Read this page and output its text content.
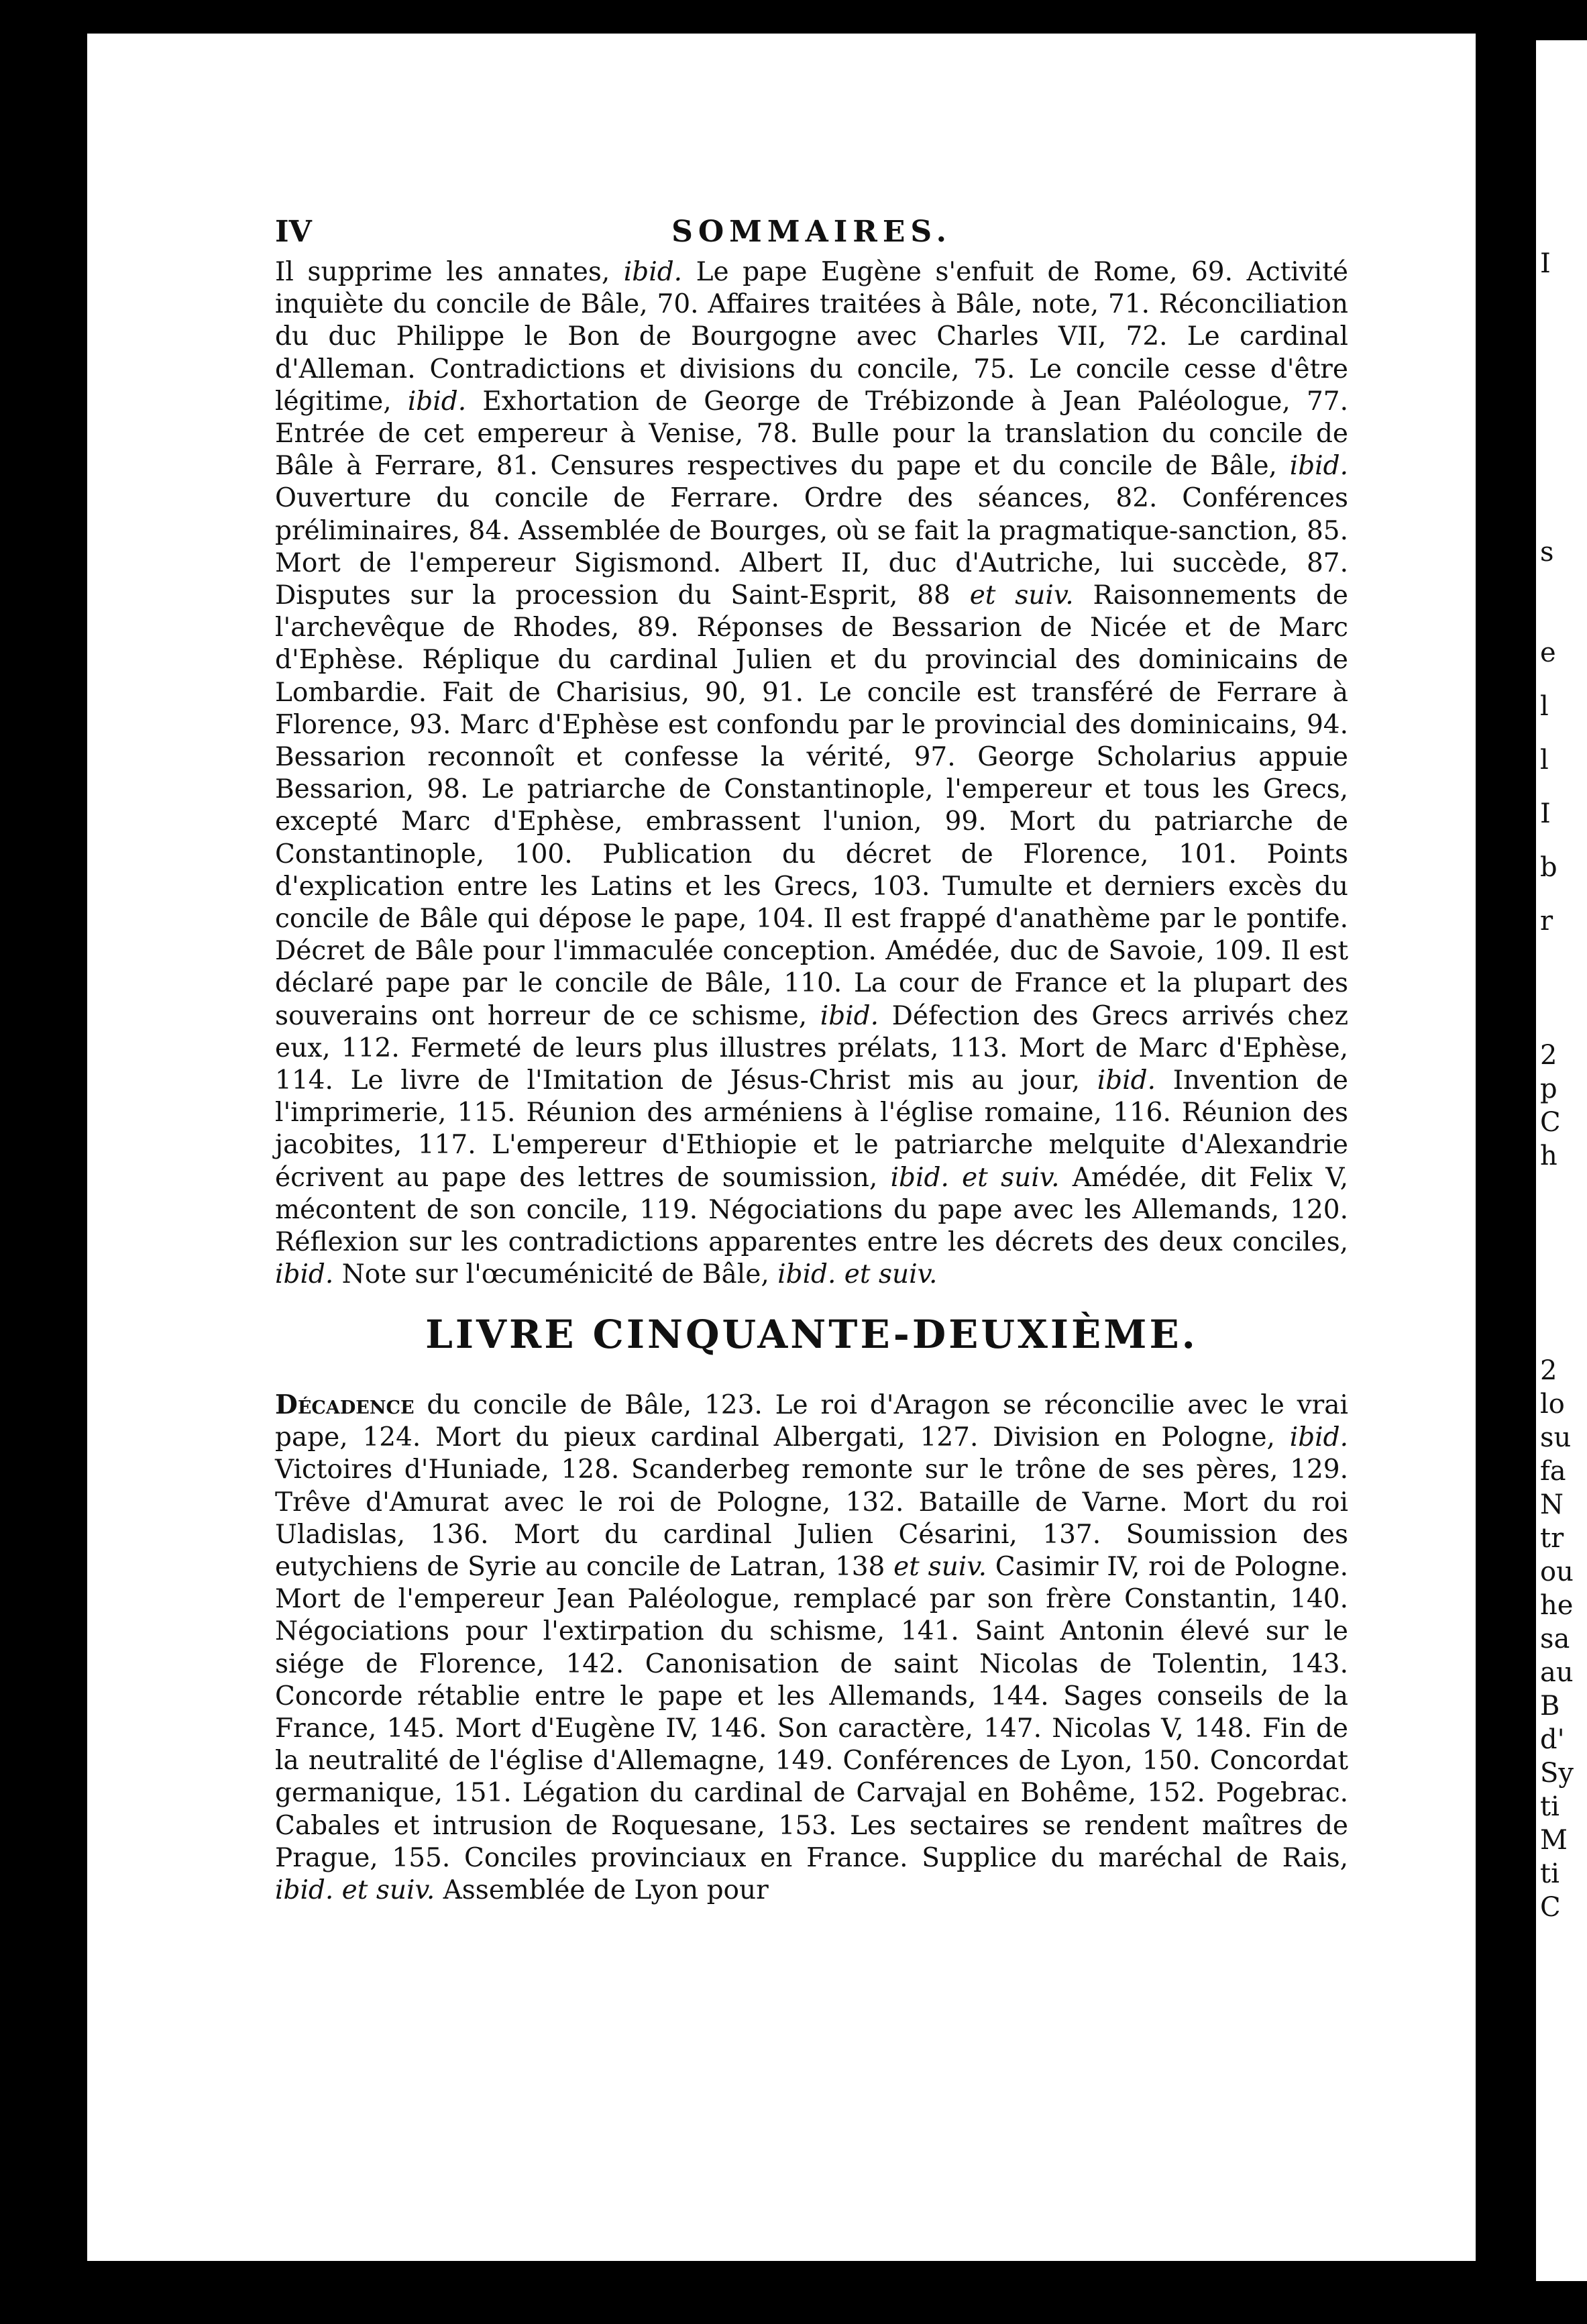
IV	SOMMAIRES.
Il supprime les annates, ibid. Le pape Eugène s'enfuit de Rome, 69. Activité inquiète du concile de Bâle, 70. Affaires traitées à Bâle, note, 71. Réconciliation du duc Philippe le Bon de Bourgogne avec Charles VII, 72. Le cardinal d'Alleman. Contradictions et divisions du concile, 75. Le concile cesse d'être légitime, ibid. Exhortation de George de Trébizonde à Jean Paléologue, 77. Entrée de cet empereur à Venise, 78. Bulle pour la translation du concile de Bâle à Ferrare, 81. Censures respectives du pape et du concile de Bâle, ibid. Ouverture du concile de Ferrare. Ordre des séances, 82. Conférences préliminaires, 84. Assemblée de Bourges, où se fait la pragmatique-sanction, 85. Mort de l'empereur Sigismond. Albert II, duc d'Autriche, lui succède, 87. Disputes sur la procession du Saint-Esprit, 88 et suiv. Raisonnements de l'archevêque de Rhodes, 89. Réponses de Bessarion de Nicée et de Marc d'Ephèse. Réplique du cardinal Julien et du provincial des dominicains de Lombardie. Fait de Charisius, 90, 91. Le concile est transféré de Ferrare à Florence, 93. Marc d'Ephèse est confondu par le provincial des dominicains, 94. Bessarion reconnoît et confesse la vérité, 97. George Scholarius appuie Bessarion, 98. Le patriarche de Constantinople, l'empereur et tous les Grecs, excepté Marc d'Ephèse, embrassent l'union, 99. Mort du patriarche de Constantinople, 100. Publication du décret de Florence, 101. Points d'explication entre les Latins et les Grecs, 103. Tumulte et derniers excès du concile de Bâle qui dépose le pape, 104. Il est frappé d'anathème par le pontife. Décret de Bâle pour l'immaculée conception. Amédée, duc de Savoie, 109. Il est déclaré pape par le concile de Bâle, 110. La cour de France et la plupart des souverains ont horreur de ce schisme, ibid. Défection des Grecs arrivés chez eux, 112. Fermeté de leurs plus illustres prélats, 113. Mort de Marc d'Ephèse, 114. Le livre de l'Imitation de Jésus-Christ mis au jour, ibid. Invention de l'imprimerie, 115. Réunion des arméniens à l'église romaine, 116. Réunion des jacobites, 117. L'empereur d'Ethiopie et le patriarche melquite d'Alexandrie écrivent au pape des lettres de soumission, ibid. et suiv. Amédée, dit Felix V, mécontent de son concile, 119. Négociations du pape avec les Allemands, 120. Réflexion sur les contradictions apparentes entre les décrets des deux conciles, ibid. Note sur l'œcuménicité de Bâle, ibid. et suiv.
LIVRE CINQUANTE-DEUXIÈME.
Décadence du concile de Bâle, 123. Le roi d'Aragon se réconcilie avec le vrai pape, 124. Mort du pieux cardinal Albergati, 127. Division en Pologne, ibid. Victoires d'Huniade, 128. Scanderbeg remonte sur le trône de ses pères, 129. Trêve d'Amurat avec le roi de Pologne, 132. Bataille de Varne. Mort du roi Uladislas, 136. Mort du cardinal Julien Césarini, 137. Soumission des eutychiens de Syrie au concile de Latran, 138 et suiv. Casimir IV, roi de Pologne. Mort de l'empereur Jean Paléologue, remplacé par son frère Constantin, 140. Négociations pour l'extirpation du schisme, 141. Saint Antonin élevé sur le siége de Florence, 142. Canonisation de saint Nicolas de Tolentin, 143. Concorde rétablie entre le pape et les Allemands, 144. Sages conseils de la France, 145. Mort d'Eugène IV, 146. Son caractère, 147. Nicolas V, 148. Fin de la neutralité de l'église d'Allemagne, 149. Conférences de Lyon, 150. Concordat germanique, 151. Légation du cardinal de Carvajal en Bohême, 152. Pogebrac. Cabales et intrusion de Roquesane, 153. Les sectaires se rendent maîtres de Prague, 155. Conciles provinciaux en France. Supplice du maréchal de Rais, ibid. et suiv. Assemblée de Lyon pour
I
s
e
l
l
I
b
r
2
p
C
h
2
lo
su
fa
N
tr
ou
he
sa
au
B
d'
Sy
ti
M
ti
C
